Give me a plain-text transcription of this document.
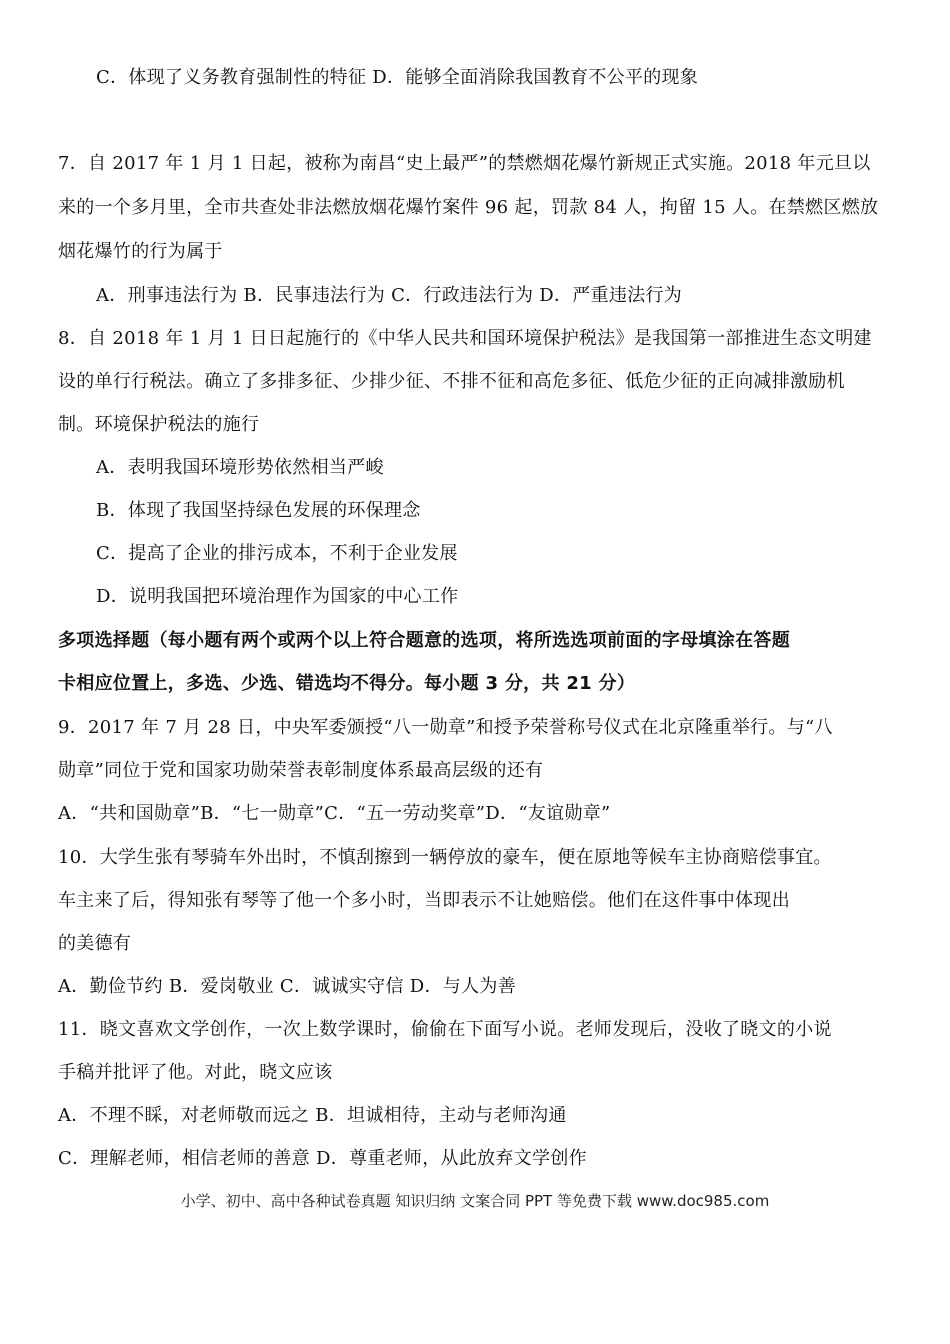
C．体现了义务教育强制性的特征 D．能够全面消除我国教育不公平的现象
7．自 2017 年 1 月 1 日起，被称为南昌“史上最严”的禁燃烟花爆竹新规正式实施。2018 年元旦以
来的一个多月里，全市共查处非法燃放烟花爆竹案件 96 起，罚款 84 人，拘留 15 人。在禁燃区燃放
烟花爆竹的行为属于
A．刑事违法行为 B．民事违法行为 C．行政违法行为 D．严重违法行为
8．自 2018 年 1 月 1 日日起施行的《中华人民共和国环境保护税法》是我国第一部推进生态文明建
设的单行行税法。确立了多排多征、少排少征、不排不征和高危多征、低危少征的正向减排激励机
制。环境保护税法的施行
A．表明我国环境形势依然相当严峻
B．体现了我国坚持绿色发展的环保理念
C．提高了企业的排污成本，不利于企业发展
D．说明我国把环境治理作为国家的中心工作
多项选择题（每小题有两个或两个以上符合题意的选项，将所选选项前面的字母填涂在答题
卡相应位置上，多选、少选、错选均不得分。每小题 3 分，共 21 分）
9．2017 年 7 月 28 日，中央军委颁授“八一勋章”和授予荣誉称号仪式在北京隆重举行。与“八
勋章”同位于党和国家功勋荣誉表彰制度体系最高层级的还有
A．“共和国勋章”B．“七一勋章”C．“五一劳动奖章”D．“友谊勋章”
10．大学生张有琴骑车外出时，不慎刮擦到一辆停放的豪车，便在原地等候车主协商赔偿事宜。
车主来了后，得知张有琴等了他一个多小时，当即表示不让她赔偿。他们在这件事中体现出
的美德有
A．勤俭节约 B．爱岗敬业 C．诚诚实守信 D．与人为善
11．晓文喜欢文学创作，一次上数学课时，偷偷在下面写小说。老师发现后，没收了晓文的小说
手稿并批评了他。对此，晓文应该
A．不理不睬，对老师敬而远之 B．坦诚相待，主动与老师沟通
C．理解老师，相信老师的善意 D．尊重老师，从此放弃文学创作
小学、初中、高中各种试卷真题 知识归纳 文案合同 PPT 等免费下载 www.doc985.com
